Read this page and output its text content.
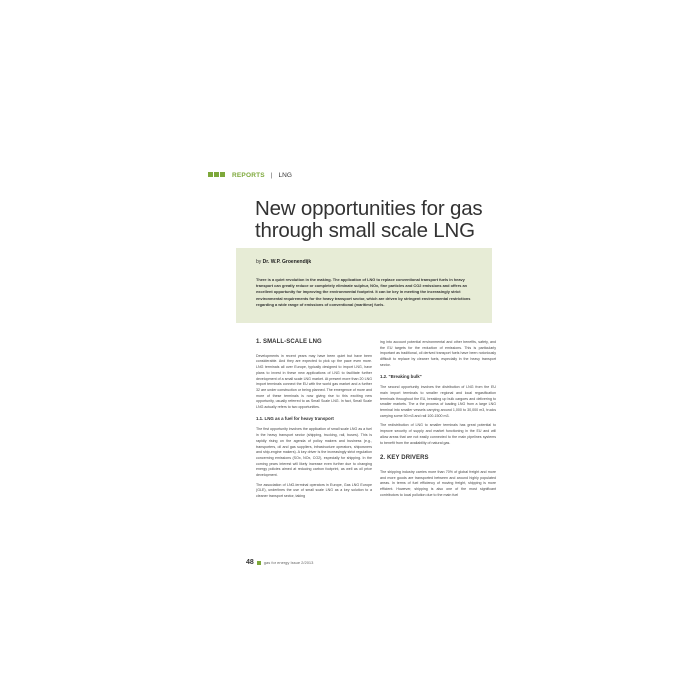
REPORTS | LNG
New opportunities for gas
through small scale LNG
by Dr. W.P. Groenendijk

There is a quiet revolution in the making. The application of LNG to replace conventional transport fuels in heavy transport can greatly reduce or completely eliminate sulphur, NOx, fine particles and CO2 emissions and offers an excellent opportunity for improving the environmental footprint. It can be key in meeting the increasingly strict environmental requirements for the heavy transport sector, which are driven by stringent environmental restrictions regarding a wide range of emissions of conventional (maritime) fuels.

1. SMALL-SCALE LNG

Developments in recent years may have been quiet but have been considerable. And they are expected to pick up the pace even more. LNG terminals all over Europe, typically designed to import LNG, have plans to invest in these new applications of LNG to facilitate further development of a small scale LNG market. At present more than 20 LNG import terminals connect the EU with the world gas market and a further 32 are under construction or being planned. The emergence of more and more of these terminals is now giving rise to this exciting new opportunity, usually referred to as Small Scale LNG. In fact, Small Scale LNG actually refers to two opportunities.

1.1. LNG as a fuel for heavy transport

The first opportunity involves the application of small scale LNG as a fuel in the heavy transport sector (shipping, trucking, rail, buses). This is rapidly rising on the agenda of policy makers and business (e.g., transporters, oil and gas suppliers, infrastructure operators, shipowners and ship-engine makers). A key driver is the increasingly strict regulation concerning emissions (SOx, NOx, CO2), especially for shipping. In the coming years interest will likely increase even further due to changing energy policies aimed at reducing carbon footprint, as well as oil price development.

The association of LNG-terminal operators in Europe, Gas LNG Europe (GLE), underlines the use of small scale LNG as a key solution to a cleaner transport sector, taking

ing into account potential environmental and other benefits, safety, and the EU targets for the reduction of emissions. This is particularly important as traditional, oil derived transport fuels have been notoriously difficult to replace by cleaner fuels, especially in the heavy transport sector.

1.2. "Breaking bulk"

The second opportunity involves the distribution of LNG from the EU main import terminals to smaller regional and local regasification terminals throughout the EU, breaking up bulk cargoes and delivering to smaller markets. The a the process of loading LNG from a large LNG terminal into smaller vessels carrying around 1,000 to 30,000 m3, trucks carrying some 50 m3 and rail 100-1500 m3.

The redistribution of LNG to smaller terminals has great potential to improve security of supply and market functioning in the EU and will allow areas that are not easily connected to the main pipelines systems to benefit from the availability of natural gas.

2. KEY DRIVERS

The shipping industry carries more than 70% of global freight and more and more goods are transported between and around highly populated areas. In terms of fuel efficiency of moving freight, shipping is more efficient. However, shipping is also one of the most significant contributors to local pollution due to the main fuel

48	gas for energy Issue 2/2013
